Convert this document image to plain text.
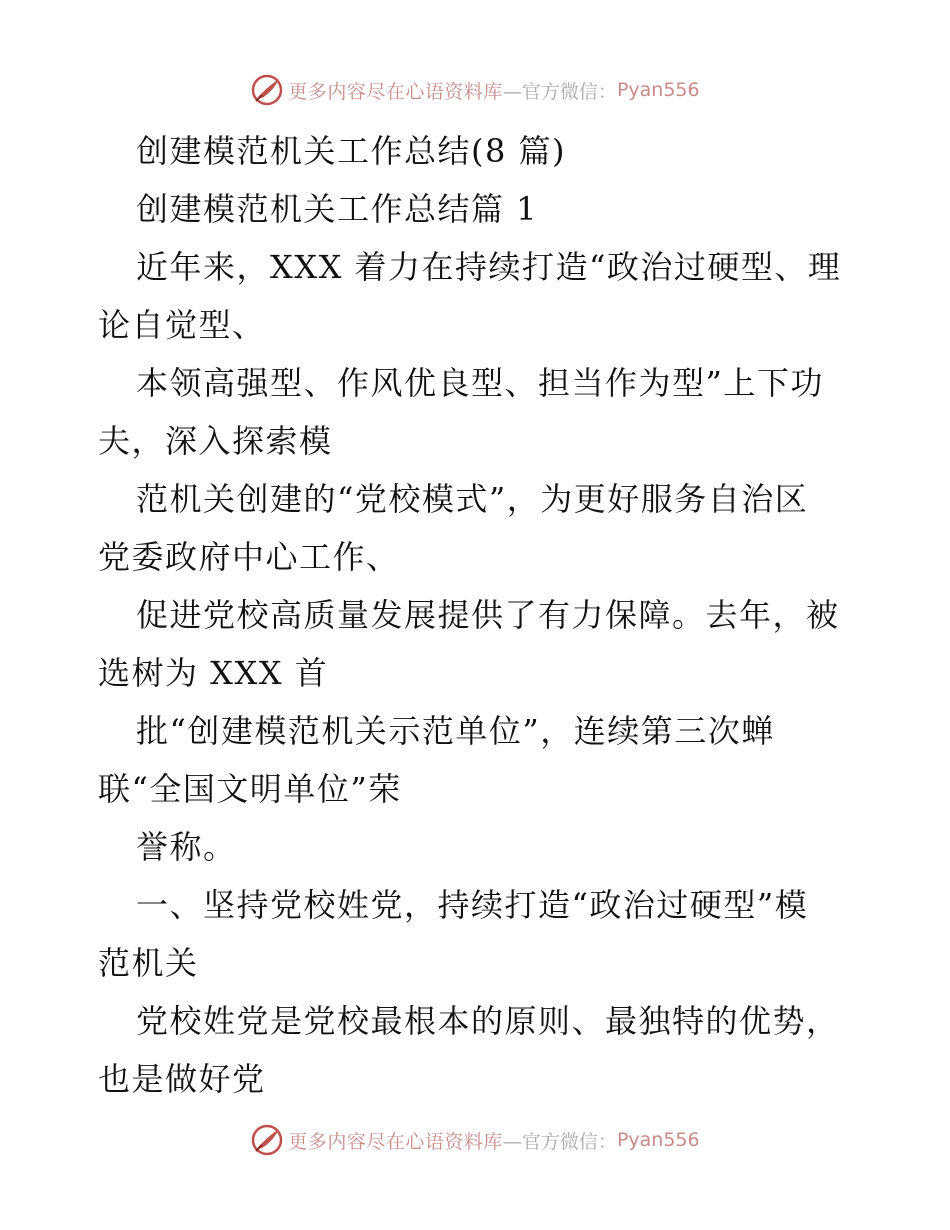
更多内容尽在心语资料库 —官方微信： Pyan556
创建模范机关工作总结(8 篇)
创建模范机关工作总结篇 1
近年来，XXX 着力在持续打造“政治过硬型、理
论自觉型、
本领高强型、作风优良型、担当作为型”上下功
夫，深入探索模
范机关创建的“党校模式”，为更好服务自治区
党委政府中心工作、
促进党校高质量发展提供了有力保障。去年，被
选树为 XXX 首
批“创建模范机关示范单位”，连续第三次蝉
联“全国文明单位”荣
誉称。
一、坚持党校姓党，持续打造“政治过硬型”模
范机关
党校姓党是党校最根本的原则、最独特的优势，
也是做好党
更多内容尽在心语资料库 —官方微信： Pyan556
